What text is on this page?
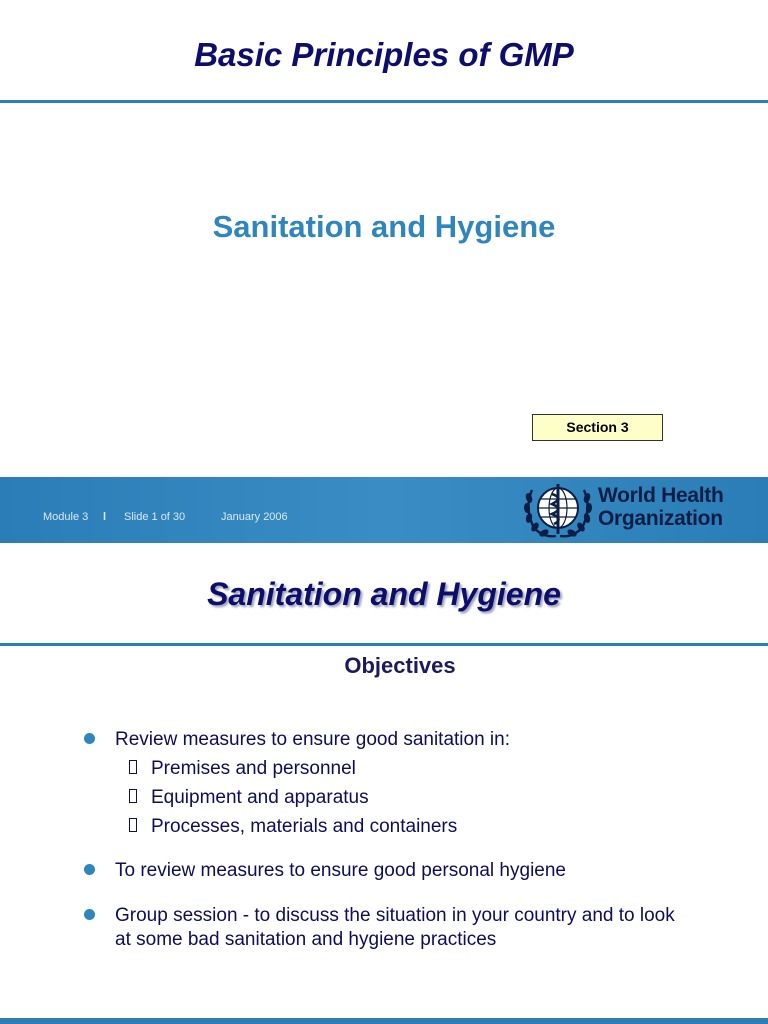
Basic Principles of GMP
Sanitation and Hygiene
Section 3
Module 3 l Slide 1 of 30	January 2006
World Health
Organization
Sanitation and Hygiene
Objectives
Review measures to ensure good sanitation in:
Premises and personnel
Equipment and apparatus
Processes, materials and containers
To review measures to ensure good personal hygiene
Group session - to discuss the situation in your country and to look
at some bad sanitation and hygiene practices
